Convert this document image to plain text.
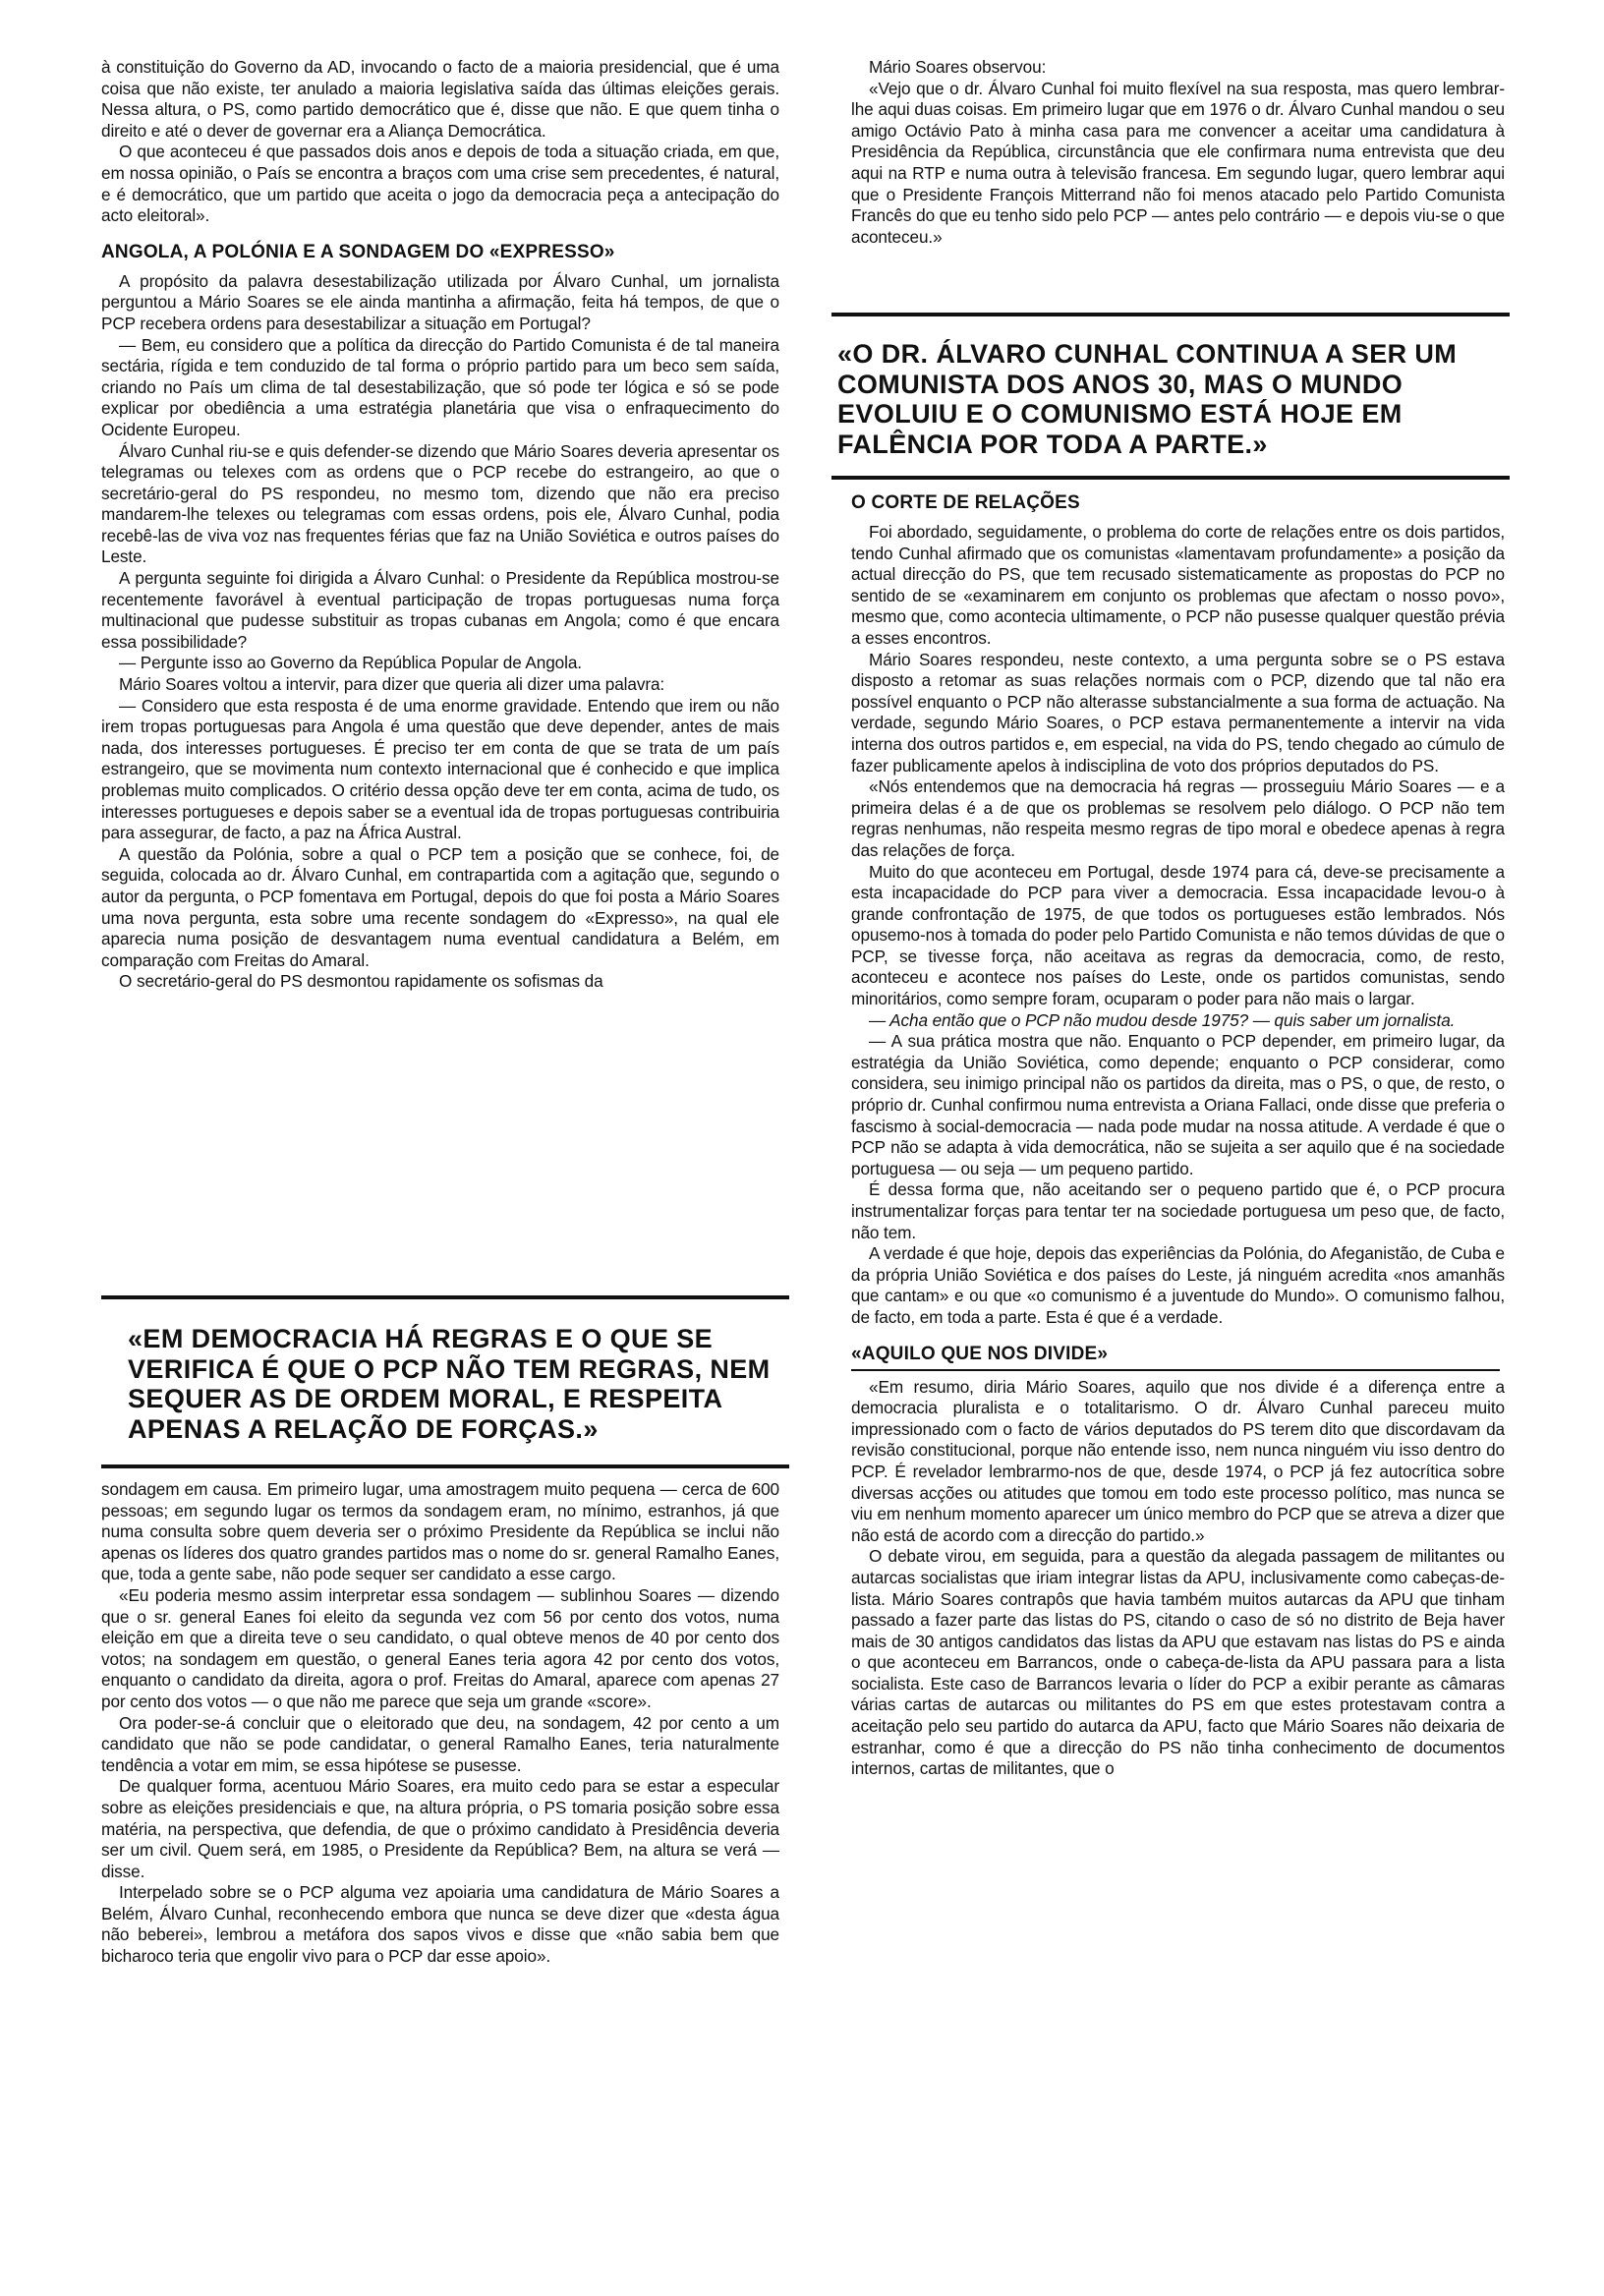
à constituição do Governo da AD, invocando o facto de a maioria presidencial, que é uma coisa que não existe, ter anulado a maioria legislativa saída das últimas eleições gerais. Nessa altura, o PS, como partido democrático que é, disse que não. E que quem tinha o direito e até o dever de governar era a Aliança Democrática.

O que aconteceu é que passados dois anos e depois de toda a situação criada, em que, em nossa opinião, o País se encontra a braços com uma crise sem precedentes, é natural, e é democrático, que um partido que aceita o jogo da democracia peça a antecipação do acto eleitoral».

ANGOLA, A POLÓNIA E A SONDAGEM DO «EXPRESSO»

A propósito da palavra desestabilização utilizada por Álvaro Cunhal, um jornalista perguntou a Mário Soares se ele ainda mantinha a afirmação, feita há tempos, de que o PCP recebera ordens para desestabilizar a situação em Portugal?

— Bem, eu considero que a política da direcção do Partido Comunista é de tal maneira sectária, rígida e tem conduzido de tal forma o próprio partido para um beco sem saída, criando no País um clima de tal desestabilização, que só pode ter lógica e só se pode explicar por obediência a uma estratégia planetária que visa o enfraquecimento do Ocidente Europeu.

Álvaro Cunhal riu-se e quis defender-se dizendo que Mário Soares deveria apresentar os telegramas ou telexes com as ordens que o PCP recebe do estrangeiro, ao que o secretário-geral do PS respondeu, no mesmo tom, dizendo que não era preciso mandarem-lhe telexes ou telegramas com essas ordens, pois ele, Álvaro Cunhal, podia recebê-las de viva voz nas frequentes férias que faz na União Soviética e outros países do Leste.

A pergunta seguinte foi dirigida a Álvaro Cunhal: o Presidente da República mostrou-se recentemente favorável à eventual participação de tropas portuguesas numa força multinacional que pudesse substituir as tropas cubanas em Angola; como é que encara essa possibilidade?

— Pergunte isso ao Governo da República Popular de Angola.

Mário Soares voltou a intervir, para dizer que queria ali dizer uma palavra:

— Considero que esta resposta é de uma enorme gravidade. Entendo que irem ou não irem tropas portuguesas para Angola é uma questão que deve depender, antes de mais nada, dos interesses portugueses. É preciso ter em conta de que se trata de um país estrangeiro, que se movimenta num contexto internacional que é conhecido e que implica problemas muito complicados. O critério dessa opção deve ter em conta, acima de tudo, os interesses portugueses e depois saber se a eventual ida de tropas portuguesas contribuiria para assegurar, de facto, a paz na África Austral.

A questão da Polónia, sobre a qual o PCP tem a posição que se conhece, foi, de seguida, colocada ao dr. Álvaro Cunhal, em contrapartida com a agitação que, segundo o autor da pergunta, o PCP fomentava em Portugal, depois do que foi posta a Mário Soares uma nova pergunta, esta sobre uma recente sondagem do «Expresso», na qual ele aparecia numa posição de desvantagem numa eventual candidatura a Belém, em comparação com Freitas do Amaral.

O secretário-geral do PS desmontou rapidamente os sofismas da

«EM DEMOCRACIA HÁ REGRAS E O QUE SE VERIFICA É QUE O PCP NÃO TEM REGRAS, NEM SEQUER AS DE ORDEM MORAL, E RESPEITA APENAS A RELAÇÃO DE FORÇAS.»

sondagem em causa. Em primeiro lugar, uma amostragem muito pequena — cerca de 600 pessoas; em segundo lugar os termos da sondagem eram, no mínimo, estranhos, já que numa consulta sobre quem deveria ser o próximo Presidente da República se inclui não apenas os líderes dos quatro grandes partidos mas o nome do sr. general Ramalho Eanes, que, toda a gente sabe, não pode sequer ser candidato a esse cargo.

«Eu poderia mesmo assim interpretar essa sondagem — sublinhou Soares — dizendo que o sr. general Eanes foi eleito da segunda vez com 56 por cento dos votos, numa eleição em que a direita teve o seu candidato, o qual obteve menos de 40 por cento dos votos; na sondagem em questão, o general Eanes teria agora 42 por cento dos votos, enquanto o candidato da direita, agora o prof. Freitas do Amaral, aparece com apenas 27 por cento dos votos — o que não me parece que seja um grande «score».

Ora poder-se-á concluir que o eleitorado que deu, na sondagem, 42 por cento a um candidato que não se pode candidatar, o general Ramalho Eanes, teria naturalmente tendência a votar em mim, se essa hipótese se pusesse.

De qualquer forma, acentuou Mário Soares, era muito cedo para se estar a especular sobre as eleições presidenciais e que, na altura própria, o PS tomaria posição sobre essa matéria, na perspectiva, que defendia, de que o próximo candidato à Presidência deveria ser um civil. Quem será, em 1985, o Presidente da República? Bem, na altura se verá — disse.

Interpelado sobre se o PCP alguma vez apoiaria uma candidatura de Mário Soares a Belém, Álvaro Cunhal, reconhecendo embora que nunca se deve dizer que «desta água não beberei», lembrou a metáfora dos sapos vivos e disse que «não sabia bem que bicharoco teria que engolir vivo para o PCP dar esse apoio».

Mário Soares observou:

«Vejo que o dr. Álvaro Cunhal foi muito flexível na sua resposta, mas quero lembrar-lhe aqui duas coisas. Em primeiro lugar que em 1976 o dr. Álvaro Cunhal mandou o seu amigo Octávio Pato à minha casa para me convencer a aceitar uma candidatura à Presidência da República, circunstância que ele confirmara numa entrevista que deu aqui na RTP e numa outra à televisão francesa. Em segundo lugar, quero lembrar aqui que o Presidente François Mitterrand não foi menos atacado pelo Partido Comunista Francês do que eu tenho sido pelo PCP — antes pelo contrário — e depois viu-se o que aconteceu.»

«O DR. ÁLVARO CUNHAL CONTINUA A SER UM COMUNISTA DOS ANOS 30, MAS O MUNDO EVOLUIU E O COMUNISMO ESTÁ HOJE EM FALÊNCIA POR TODA A PARTE.»
O CORTE DE RELAÇÕES

Foi abordado, seguidamente, o problema do corte de relações entre os dois partidos, tendo Cunhal afirmado que os comunistas «lamentavam profundamente» a posição da actual direcção do PS, que tem recusado sistematicamente as propostas do PCP no sentido de se «examinarem em conjunto os problemas que afectam o nosso povo», mesmo que, como acontecia ultimamente, o PCP não pusesse qualquer questão prévia a esses encontros.

Mário Soares respondeu, neste contexto, a uma pergunta sobre se o PS estava disposto a retomar as suas relações normais com o PCP, dizendo que tal não era possível enquanto o PCP não alterasse substancialmente a sua forma de actuação. Na verdade, segundo Mário Soares, o PCP estava permanentemente a intervir na vida interna dos outros partidos e, em especial, na vida do PS, tendo chegado ao cúmulo de fazer publicamente apelos à indisciplina de voto dos próprios deputados do PS.

«Nós entendemos que na democracia há regras — prosseguiu Mário Soares — e a primeira delas é a de que os problemas se resolvem pelo diálogo. O PCP não tem regras nenhumas, não respeita mesmo regras de tipo moral e obedece apenas à regra das relações de força.

Muito do que aconteceu em Portugal, desde 1974 para cá, deve-se precisamente a esta incapacidade do PCP para viver a democracia. Essa incapacidade levou-o à grande confrontação de 1975, de que todos os portugueses estão lembrados. Nós opusemo-nos à tomada do poder pelo Partido Comunista e não temos dúvidas de que o PCP, se tivesse força, não aceitava as regras da democracia, como, de resto, aconteceu e acontece nos países do Leste, onde os partidos comunistas, sendo minoritários, como sempre foram, ocuparam o poder para não mais o largar.

— Acha então que o PCP não mudou desde 1975? — quis saber um jornalista.

— A sua prática mostra que não. Enquanto o PCP depender, em primeiro lugar, da estratégia da União Soviética, como depende; enquanto o PCP considerar, como considera, seu inimigo principal não os partidos da direita, mas o PS, o que, de resto, o próprio dr. Cunhal confirmou numa entrevista a Oriana Fallaci, onde disse que preferia o fascismo à social-democracia — nada pode mudar na nossa atitude. A verdade é que o PCP não se adapta à vida democrática, não se sujeita a ser aquilo que é na sociedade portuguesa — ou seja — um pequeno partido.

É dessa forma que, não aceitando ser o pequeno partido que é, o PCP procura instrumentalizar forças para tentar ter na sociedade portuguesa um peso que, de facto, não tem.

A verdade é que hoje, depois das experiências da Polónia, do Afeganistão, de Cuba e da própria União Soviética e dos países do Leste, já ninguém acredita «nos amanhãs que cantam» e ou que «o comunismo é a juventude do Mundo». O comunismo falhou, de facto, em toda a parte. Esta é que é a verdade.

«AQUILO QUE NOS DIVIDE»

«Em resumo, diria Mário Soares, aquilo que nos divide é a diferença entre a democracia pluralista e o totalitarismo. O dr. Álvaro Cunhal pareceu muito impressionado com o facto de vários deputados do PS terem dito que discordavam da revisão constitucional, porque não entende isso, nem nunca ninguém viu isso dentro do PCP. É revelador lembrarmo-nos de que, desde 1974, o PCP já fez autocrítica sobre diversas acções ou atitudes que tomou em todo este processo político, mas nunca se viu em nenhum momento aparecer um único membro do PCP que se atreva a dizer que não está de acordo com a direcção do partido.»

O debate virou, em seguida, para a questão da alegada passagem de militantes ou autarcas socialistas que iriam integrar listas da APU, inclusivamente como cabeças-de-lista. Mário Soares contrapôs que havia também muitos autarcas da APU que tinham passado a fazer parte das listas do PS, citando o caso de só no distrito de Beja haver mais de 30 antigos candidatos das listas da APU que estavam nas listas do PS e ainda o que aconteceu em Barrancos, onde o cabeça-de-lista da APU passara para a lista socialista. Este caso de Barrancos levaria o líder do PCP a exibir perante as câmaras várias cartas de autarcas ou militantes do PS em que estes protestavam contra a aceitação pelo seu partido do autarca da APU, facto que Mário Soares não deixaria de estranhar, como é que a direcção do PS não tinha conhecimento de documentos internos, cartas de militantes, que o
